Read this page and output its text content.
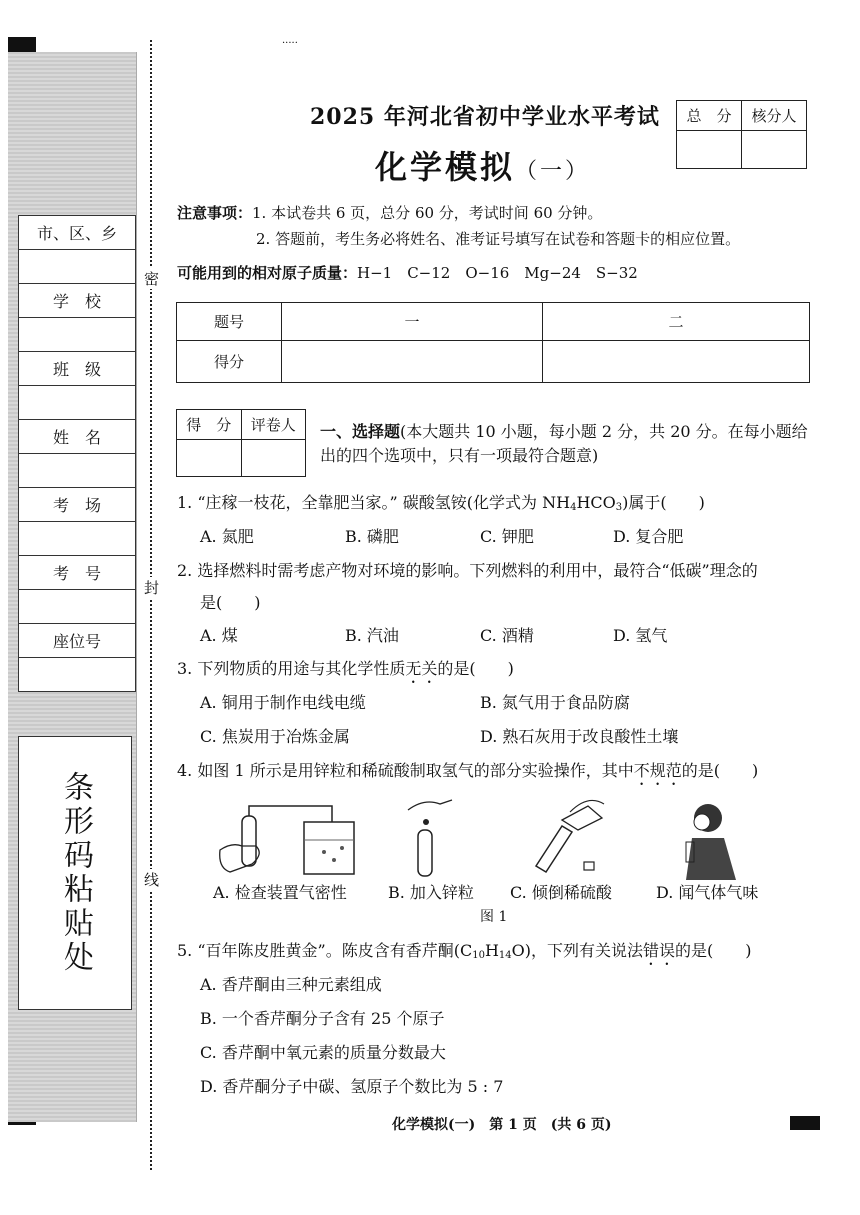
·····
市、区、乡

学　校

班　级

姓　名

考　场

考　号

座位号

条形码粘贴处
密
封
线
2025 年河北省初中学业水平考试
化学模拟（一）
总　分	核分人

注意事项：1. 本试卷共 6 页，总分 60 分，考试时间 60 分钟。
2. 答题前，考生务必将姓名、准考证号填写在试卷和答题卡的相应位置。
可能用到的相对原子质量：H−1　C−12　O−16　Mg−24　S−32
题号	一	二
得分		
得　分	评卷人
	一、选择题(本大题共 10 小题，每小题 2 分，共 20 分。在每小题给
出的四个选项中，只有一项最符合题意)
1. “庄稼一枝花，全靠肥当家。” 碳酸氢铵(化学式为 $NH_4HCO_3$)属于(　　)
A. 氮肥	B. 磷肥	C. 钾肥	D. 复合肥
2. 选择燃料时需考虑产物对环境的影响。下列燃料的利用中，最符合“低碳”理念的
是(　　)
A. 煤	B. 汽油	C. 酒精	D. 氢气
3. 下列物质的用途与其化学性质无关的是(　　)
A. 铜用于制作电线电缆	B. 氮气用于食品防腐
C. 焦炭用于冶炼金属	D. 熟石灰用于改良酸性土壤
4. 如图 1 所示是用锌粒和稀硫酸制取氢气的部分实验操作，其中不规范的是(　　)
A. 检查装置气密性	B. 加入锌粒 C. 倾倒稀硫酸	D. 闻气体气味
图 1
5. “百年陈皮胜黄金”。陈皮含有香芹酮$(C_{10}H_{14}O)$，下列有关说法错误的是(　　)
A. 香芹酮由三种元素组成
B. 一个香芹酮分子含有 25 个原子
C. 香芹酮中氧元素的质量分数最大
D. 香芹酮分子中碳、氢原子个数比为 5 : 7
化学模拟(一)　第 1 页　(共 6 页)
